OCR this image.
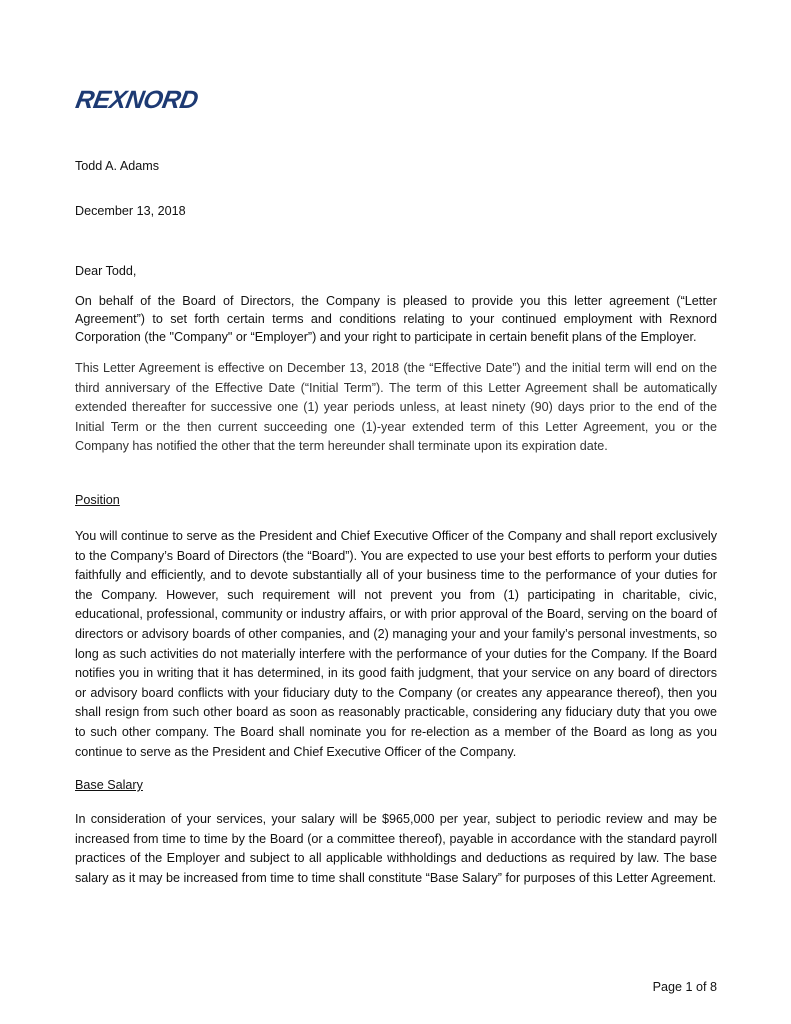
REXNORD
Todd A. Adams
December 13, 2018
Dear Todd,
On behalf of the Board of Directors, the Company is pleased to provide you this letter agreement (“Letter Agreement”) to set forth certain terms and conditions relating to your continued employment with Rexnord Corporation (the "Company" or “Employer”) and your right to participate in certain benefit plans of the Employer.
This Letter Agreement is effective on December 13, 2018 (the “Effective Date”) and the initial term will end on the third anniversary of the Effective Date (“Initial Term”). The term of this Letter Agreement shall be automatically extended thereafter for successive one (1) year periods unless, at least ninety (90) days prior to the end of the Initial Term or the then current succeeding one (1)-year extended term of this Letter Agreement, you or the Company has notified the other that the term hereunder shall terminate upon its expiration date.
Position
You will continue to serve as the President and Chief Executive Officer of the Company and shall report exclusively to the Company’s Board of Directors (the “Board”). You are expected to use your best efforts to perform your duties faithfully and efficiently, and to devote substantially all of your business time to the performance of your duties for the Company. However, such requirement will not prevent you from (1) participating in charitable, civic, educational, professional, community or industry affairs, or with prior approval of the Board, serving on the board of directors or advisory boards of other companies, and (2) managing your and your family’s personal investments, so long as such activities do not materially interfere with the performance of your duties for the Company. If the Board notifies you in writing that it has determined, in its good faith judgment, that your service on any board of directors or advisory board conflicts with your fiduciary duty to the Company (or creates any appearance thereof), then you shall resign from such other board as soon as reasonably practicable, considering any fiduciary duty that you owe to such other company. The Board shall nominate you for re-election as a member of the Board as long as you continue to serve as the President and Chief Executive Officer of the Company.
Base Salary
In consideration of your services, your salary will be $965,000 per year, subject to periodic review and may be increased from time to time by the Board (or a committee thereof), payable in accordance with the standard payroll practices of the Employer and subject to all applicable withholdings and deductions as required by law. The base salary as it may be increased from time to time shall constitute “Base Salary” for purposes of this Letter Agreement.
Page 1 of 8
